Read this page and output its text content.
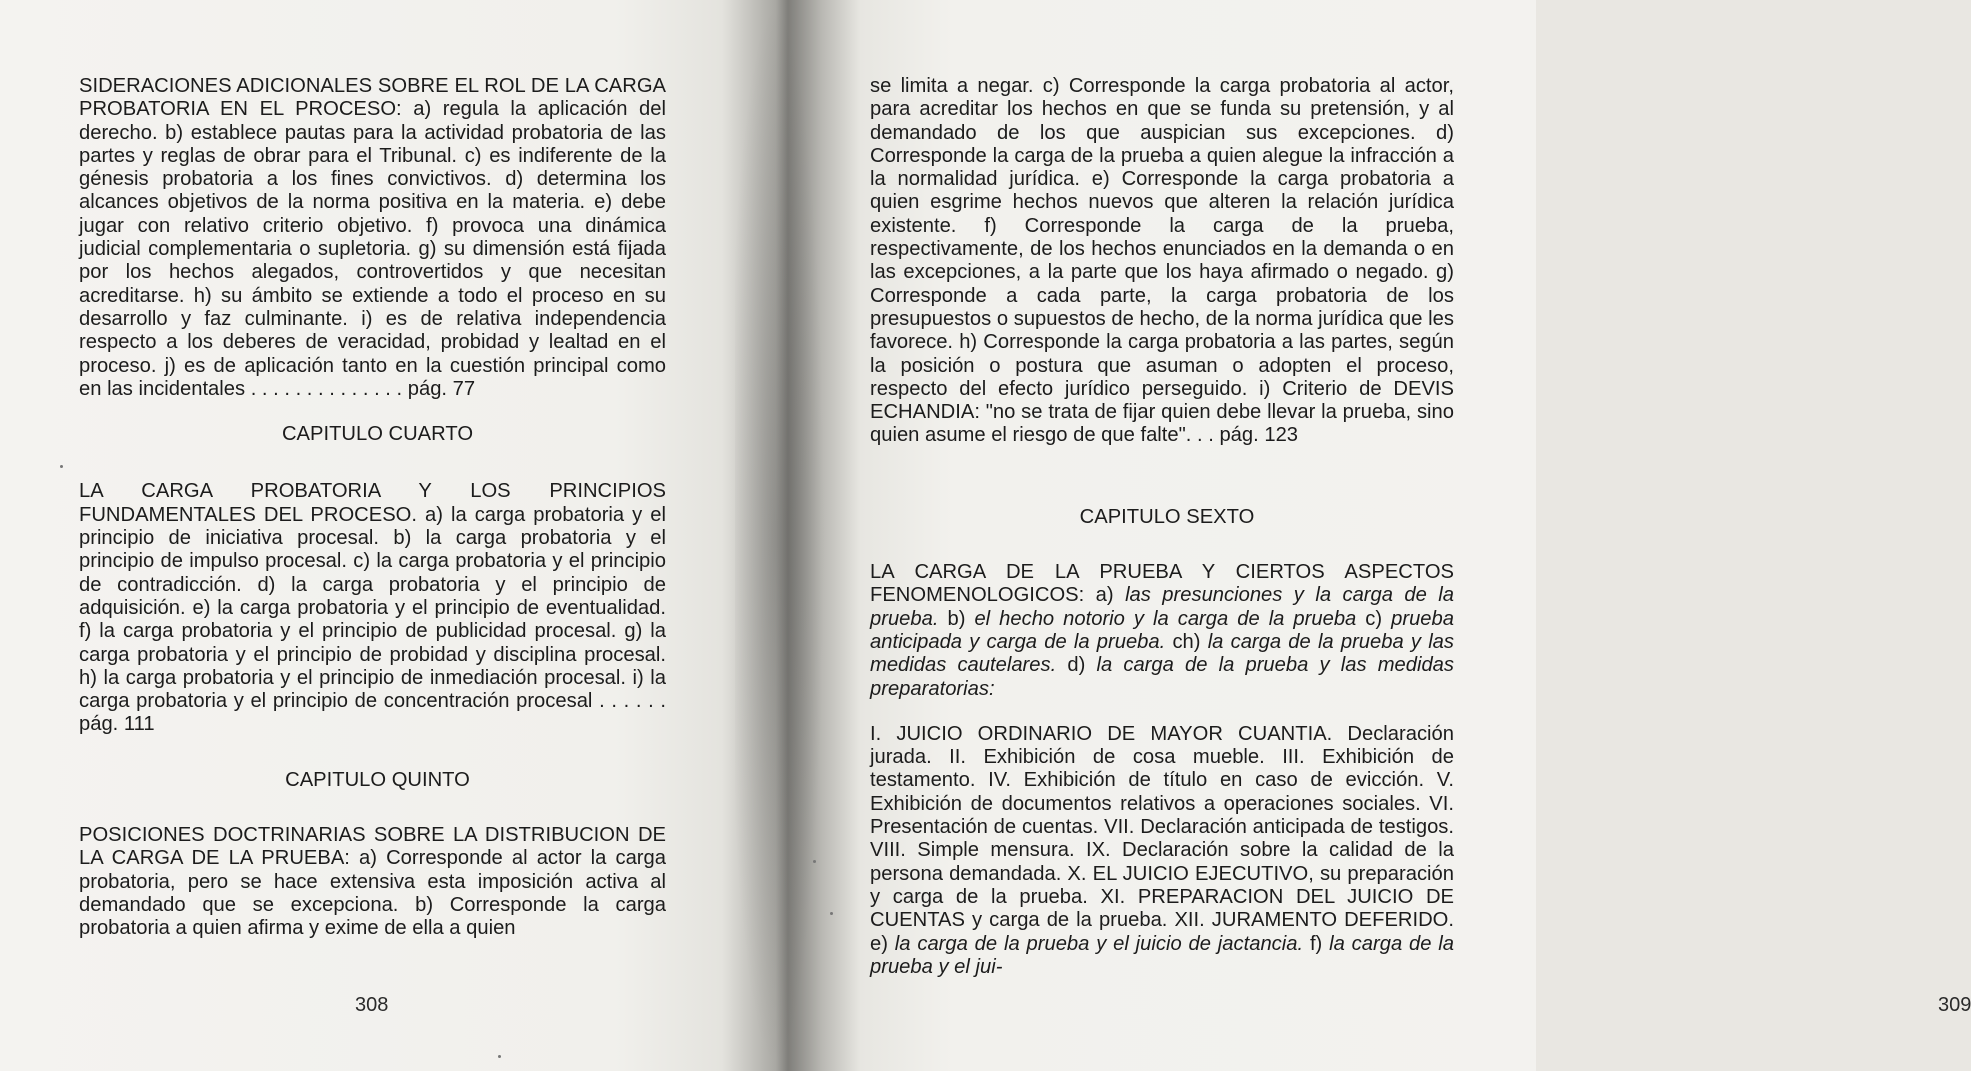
SIDERACIONES ADICIONALES SOBRE EL ROL DE LA CARGA PROBATORIA EN EL PROCESO: a) regula la aplicación del derecho. b) establece pautas para la actividad probatoria de las partes y reglas de obrar para el Tribunal. c) es indiferente de la génesis probatoria a los fines convictivos. d) determina los alcances objetivos de la norma positiva en la materia. e) debe jugar con relativo criterio objetivo. f) provoca una dinámica judicial complementaria o supletoria. g) su dimensión está fijada por los hechos alegados, controvertidos y que necesitan acreditarse. h) su ámbito se extiende a todo el proceso en su desarrollo y faz culminante. i) es de relativa independencia respecto a los deberes de veracidad, probidad y lealtad en el proceso. j) es de aplicación tanto en la cuestión principal como en las incidentales . . . . . . . . . . . . . . pág. 77

CAPITULO CUARTO

LA CARGA PROBATORIA Y LOS PRINCIPIOS FUNDAMENTALES DEL PROCESO. a) la carga probatoria y el principio de iniciativa procesal. b) la carga probatoria y el principio de impulso procesal. c) la carga probatoria y el principio de contradicción. d) la carga probatoria y el principio de adquisición. e) la carga probatoria y el principio de eventualidad. f) la carga probatoria y el principio de publicidad procesal. g) la carga probatoria y el principio de probidad y disciplina procesal. h) la carga probatoria y el principio de inmediación procesal. i) la carga probatoria y el principio de concentración procesal . . . . . . pág. 111

CAPITULO QUINTO

POSICIONES DOCTRINARIAS SOBRE LA DISTRIBUCION DE LA CARGA DE LA PRUEBA: a) Corresponde al actor la carga probatoria, pero se hace extensiva esta imposición activa al demandado que se excepciona. b) Corresponde la carga probatoria a quien afirma y exime de ella a quien

308

se limita a negar. c) Corresponde la carga probatoria al actor, para acreditar los hechos en que se funda su pretensión, y al demandado de los que auspician sus excepciones. d) Corresponde la carga de la prueba a quien alegue la infracción a la normalidad jurídica. e) Corresponde la carga probatoria a quien esgrime hechos nuevos que alteren la relación jurídica existente. f) Corresponde la carga de la prueba, respectivamente, de los hechos enunciados en la demanda o en las excepciones, a la parte que los haya afirmado o negado. g) Corresponde a cada parte, la carga probatoria de los presupuestos o supuestos de hecho, de la norma jurídica que les favorece. h) Corresponde la carga probatoria a las partes, según la posición o postura que asuman o adopten el proceso, respecto del efecto jurídico perseguido. i) Criterio de DEVIS ECHANDIA: "no se trata de fijar quien debe llevar la prueba, sino quien asume el riesgo de que falte". . . pág. 123

CAPITULO SEXTO

LA CARGA DE LA PRUEBA Y CIERTOS ASPECTOS FENOMENOLOGICOS: a) las presunciones y la carga de la prueba. b) el hecho notorio y la carga de la prueba c) prueba anticipada y carga de la prueba. ch) la carga de la prueba y las medidas cautelares. d) la carga de la prueba y las medidas preparatorias:

I. JUICIO ORDINARIO DE MAYOR CUANTIA. Declaración jurada. II. Exhibición de cosa mueble. III. Exhibición de testamento. IV. Exhibición de título en caso de evicción. V. Exhibición de documentos relativos a operaciones sociales. VI. Presentación de cuentas. VII. Declaración anticipada de testigos. VIII. Simple mensura. IX. Declaración sobre la calidad de la persona demandada. X. EL JUICIO EJECUTIVO, su preparación y carga de la prueba. XI. PREPARACION DEL JUICIO DE CUENTAS y carga de la prueba. XII. JURAMENTO DEFERIDO. e) la carga de la prueba y el juicio de jactancia. f) la carga de la prueba y el jui-

309
